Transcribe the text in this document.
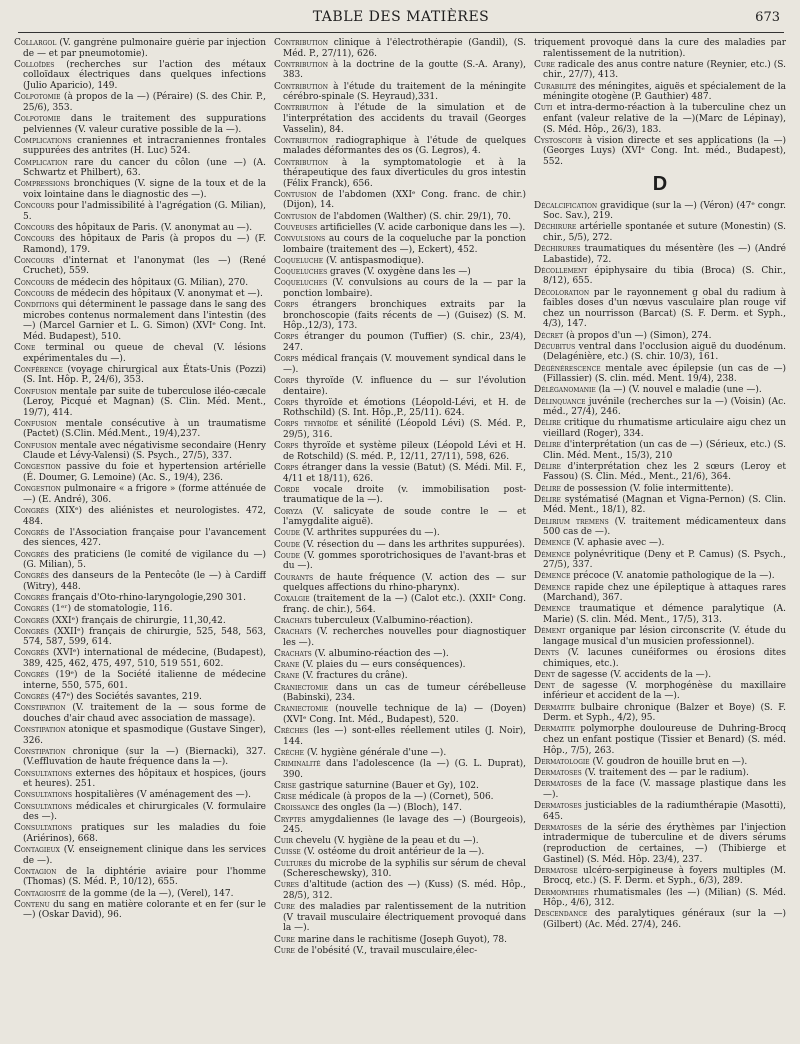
TABLE DES MATIÈRES	673

Collargol (V. gangrène pulmonaire guérie par injection de — et par pneumotomie).

Colloïdes (recherches sur l'action des métaux colloïdaux électriques dans quelques infections (Julio Aparicio), 149.

Colpotomie (à propos de la —) (Péraire) (S. des Chir. P., 25/6), 353.

Colpotomie dans le traitement des suppurations pelviennes (V. valeur curative possible de la —).

Complications craniennes et intracraniennes frontales suppurées des antrites (H. Luc) 524.

Complication rare du cancer du côlon (une —) (A. Schwartz et Philbert), 63.

Compressions bronchiques (V. signe de la toux et de la voix lointaine dans le diagnostic des —).

Concours pour l'admissibilité à l'agrégation (G. Milian), 5.

Concours des hôpitaux de Paris. (V. anonymat au —).

Concours des hôpitaux de Paris (à propos du —) (F. Ramond), 179.

Concours d'internat et l'anonymat (les —) (René Cruchet), 559.

Concours de médecin des hôpitaux (G. Milian), 270.

Concours de médecin des hôpitaux (V. anonymat et —).

Conditions qui déterminent le passage dans le sang des microbes contenus normalement dans l'intestin (des —) (Marcel Garnier et L. G. Simon) (XVIᵉ Cong. Int. Méd. Budapest), 510.

Cone terminal ou queue de cheval (V. lésions expérimentales du —).

Conférence (voyage chirurgical aux États-Unis (Pozzi) (S. Int. Hôp. P., 24/6), 353.

Confusion mentale par suite de tuberculose iléo-cæcale (Leroy, Picqué et Magnan) (S. Clin. Méd. Ment., 19/7), 414.

Confusion mentale consécutive à un traumatisme (Pactet) (S.Clin. Méd.Ment., 19/4),237.

Confusion mentale avec négativisme secondaire (Henry Claude et Lévy-Valensi) (S. Psych., 27/5), 337.

Congestion passive du foie et hypertension artérielle (É. Doumer, G. Lemoine) (Ac. S., 19/4), 236.

Congestion pulmonaire « a frigore » (forme atténuée de —) (E. André), 306.

Congrès (XIXᵉ) des aliénistes et neurologistes. 472, 484.

Congrès de l'Association française pour l'avancement des siences, 427.

Congrès des praticiens (le comité de vigilance du —) (G. Milian), 5.

Congrès des danseurs de la Pentecôte (le —) à Cardiff (Witry), 448.

Congrès français d'Oto-rhino-laryngologie,290 301.

Congrès (1ᵉʳ) de stomatologie, 116.

Congrès (XXIᵉ) français de chirurgie, 11,30,42.

Congrès (XXIIᵉ) français de chirurgie, 525, 548, 563, 574, 587, 599, 614.

Congrès (XVIᵉ) international de médecine, (Budapest), 389, 425, 462, 475, 497, 510, 519 551, 602.

Congrès (19ᵉ) de la Société italienne de médecine interne, 550, 575, 601.

Congrès (47ᵉ) des Sociétés savantes, 219.

Constipation (V. traitement de la — sous forme de douches d'air chaud avec association de massage).

Constipation atonique et spasmodique (Gustave Singer), 326.

Constipation chronique (sur la —) (Biernacki), 327. (V.effluvation de haute fréquence dans la —).

Consultations externes des hôpitaux et hospices, (jours et heures). 251.

Consultations hospitalières (V aménagement des —).

Consultations médicales et chirurgicales (V. formulaire des —).

Consultations pratiques sur les maladies du foie (Ariérinos), 668.

Contagieux (V. enseignement clinique dans les services de —).

Contagion de la diphtérie aviaire pour l'homme (Thomas) (S. Méd. P., 10/12), 655.

Contagiosité de la gomme (de la —), (Verel), 147.

Contenu du sang en matière colorante et en fer (sur le —) (Oskar David), 96.

Contribution clinique à l'électrothérapie (Gandil), (S. Méd. P., 27/11), 626.

Contribution à la doctrine de la goutte (S.-A. Arany), 383.

Contribution à l'étude du traitement de la méningite cérébro-spinale (S. Heyraud),331.

Contribution à l'étude de la simulation et de l'interprétation des accidents du travail (Georges Vasselin), 84.

Contribution radiographique à l'étude de quelques malades déformantes des os (G. Legros), 4.

Contribution à la symptomatologie et à la thérapeutique des faux diverticules du gros intestin (Félix Franck), 656.

Contusion de l'abdomen (XXIᵉ Cong. franc. de chir.) (Dijon), 14.

Contusion de l'abdomen (Walther) (S. chir. 29/1), 70.

Couveuses artificielles (V. acide carbonique dans les —).

Convulsions au cours de la coqueluche par la ponction lombaire (traitement des —), Eckert), 452.

Coqueluche (V. antispasmodique).

Coqueluches graves (V. oxygène dans les —)

Coqueluches (V. convulsions au cours de la — par la ponction lombaire).

Corps étrangers bronchiques extraits par la bronchoscopie (faits récents de —) (Guisez) (S. M. Hôp.,12/3), 173.

Corps étranger du poumon (Tuffier) (S. chir., 23/4), 247.

Corps médical français (V. mouvement syndical dans le —).

Corps thyroïde (V. influence du — sur l'évolution dentaire).

Corps thyroïde et émotions (Léopold-Lévi, et H. de Rothschild) (S. Int. Hôp.,P., 25/11). 624.

Corps thyroïde et sénilité (Léopold Lévi) (S. Méd. P., 29/5), 316.

Corps thyroïde et système pileux (Léopold Lévi et H. de Rotschild) (S. méd. P., 12/11, 27/11), 598, 626.

Corps étranger dans la vessie (Batut) (S. Médi. Mil. F., 4/11 et 18/11), 626.

Corde vocale droite (v. immobilisation post-traumatique de la —).

Coryza (V. salicyate de soude contre le — et l'amygdalite aiguë).

Coude (V. arthrites suppurées du —).

Coude (V. résection du — dans les arthrites suppurées).

Coude (V. gommes sporotrichosiques de l'avant-bras et du —).

Courants de haute fréquence (V. action des — sur quelques affections du rhino-pharynx).

Coxalgie (traitement de la —) (Calot etc.). (XXIIᵉ Cong. franç. de chir.), 564.

Crachats tuberculeux (V.albumino-réaction).

Crachats (V. recherches nouvelles pour diagnostiquer les —).

Crachats (V. albumino-réaction des —).

Crane (V. plaies du — eurs conséquences).

Crane (V. fractures du crâne).

Craniectomie dans un cas de tumeur cérébelleuse (Babinski), 234.

Craniectomie (nouvelle technique de la) — (Doyen) (XVIᵉ Cong. Int. Méd., Budapest), 520.

Crèches (les —) sont-elles réellement utiles (J. Noir), 144.

Crèche (V. hygiène générale d'une —).

Criminalité dans l'adolescence (la —) (G. L. Duprat), 390.

Crise gastrique saturnine (Bauer et Gy), 102.

Crise médicale (à propos de la —) (Cornet), 506.

Croissance des ongles (la —) (Bloch), 147.

Cryptes amygdaliennes (le lavage des —) (Bourgeois), 245.

Cuir chevelu (V. hygiène de la peau et du —).

Cuisse (V. ostéome du droit antérieur de la —).

Cultures du microbe de la syphilis sur sérum de cheval (Schereschewsky), 310.

Cures d'altitude (action des —) (Kuss) (S. méd. Hôp., 28/5), 312.

Cure des maladies par ralentissement de la nutrition (V travail musculaire électriquement provoqué dans la —).

Cure marine dans le rachitisme (Joseph Guyot), 78.

Cure de l'obésité (V., travail musculaire,élec-

triquement provoqué dans la cure des maladies par ralentissement de la nutrition).

Cure radicale des anus contre nature (Reynier, etc.) (S. chir., 27/7), 413.

Curabilité des méningites, aiguës et spécialement de la méningite otogène (P. Gauthier) 487.

Cuti et intra-dermo-réaction à la tuberculine chez un enfant (valeur relative de la —)(Marc de Lépinay), (S. Méd. Hôp., 26/3), 183.

Cystoscopie à vision directe et ses applications (la —) (Georges Luys) (XVIᵉ Cong. Int. méd., Budapest), 552.

D

Décalcification gravidique (sur la —) (Véron) (47ᵉ congr. Soc. Sav.), 219.

Déchirure artérielle spontanée et suture (Monestin) (S. chir., 5/5), 272.

Déchirures traumatiques du mésentère (les —) (André Labastide), 72.

Décollement épiphysaire du tibia (Broca) (S. Chir., 8/12), 655.

Décoloration par le rayonnement g obal du radium à faibles doses d'un nœvus vasculaire plan rouge vif chez un nourrisson (Barcat) (S. F. Derm. et Syph., 4/3), 147.

Décret (à propos d'un —) (Simon), 274.

Décubitus ventral dans l'occlusion aiguë du duodénum. (Delagénière, etc.) (S. chir. 10/3), 161.

Dégénérescence mentale avec épilepsie (un cas de —) (Fillassier) (S. clin. méd. Ment. 19/4), 238.

Déléganomanie (la —) (V. nouvel e maladie (une —).

Délinquance juvénile (recherches sur la —) (Voisin) (Ac. méd., 27/4), 246.

Délire critique du rhumatisme articulaire aigu chez un vieillard (Roger), 334.

Délire d'interprétation (un cas de —) (Sérieux, etc.) (S. Clin. Méd. Ment., 15/3), 210

Délire d'interprétation chez les 2 sœurs (Leroy et Fassou) (S. Clin. Méd., Ment., 21/6), 364.

Délire de possession (V. folie intermittente).

Délire systématisé (Magnan et Vigna-Pernon) (S. Clin. Méd. Ment., 18/1), 82.

Delirium tremens (V. traitement médicamenteux dans 500 cas de —).

Démence (V. aphasie avec —).

Démence polynévritique (Deny et P. Camus) (S. Psych., 27/5), 337.

Démence précoce (V. anatomie pathologique de la —).

Démence rapide chez une épileptique à attaques rares (Marchand), 367.

Démence traumatique et démence paralytique (A. Marie) (S. clin. Méd. Ment., 17/5), 313.

Dément organique par lésion circonscrite (V. étude du langage musical d'un musicien professionnel).

Dents (V. lacunes cunéiformes ou érosions dites chimiques, etc.).

Dent de sagesse (V. accidents de la —).

Dent de sagesse (V. morphogénèse du maxillaire inférieur et accident de la —).

Dermatite bulbaire chronique (Balzer et Boye) (S. F. Derm. et Syph., 4/2), 95.

Dermatite polymorphe douloureuse de Duhring-Brocq chez un enfant postique (Tissier et Benard) (S. méd. Hôp., 7/5), 263.

Dermatologie (V. goudron de houille brut en —).

Dermatoses (V. traitement des — par le radium).

Dermatoses de la face (V. massage plastique dans les —).

Dermatoses justiciables de la radiumthérapie (Masotti), 645.

Dermatoses de la série des érythèmes par l'injection intradermique de tuberculine et de divers sérums (reproduction de certaines, —) (Thibierge et Gastinel) (S. Méd. Hôp. 23/4), 237.

Dermatose ulcéro-serpigineuse à foyers multiples (M. Brocq, etc.) (S. F. Derm. et Syph., 6/3), 289.

Dermopathies rhumatismales (les —) (Milian) (S. Méd. Hôp., 4/6), 312.

Descendance des paralytiques généraux (sur la —) (Gilbert) (Ac. Méd. 27/4), 246.
